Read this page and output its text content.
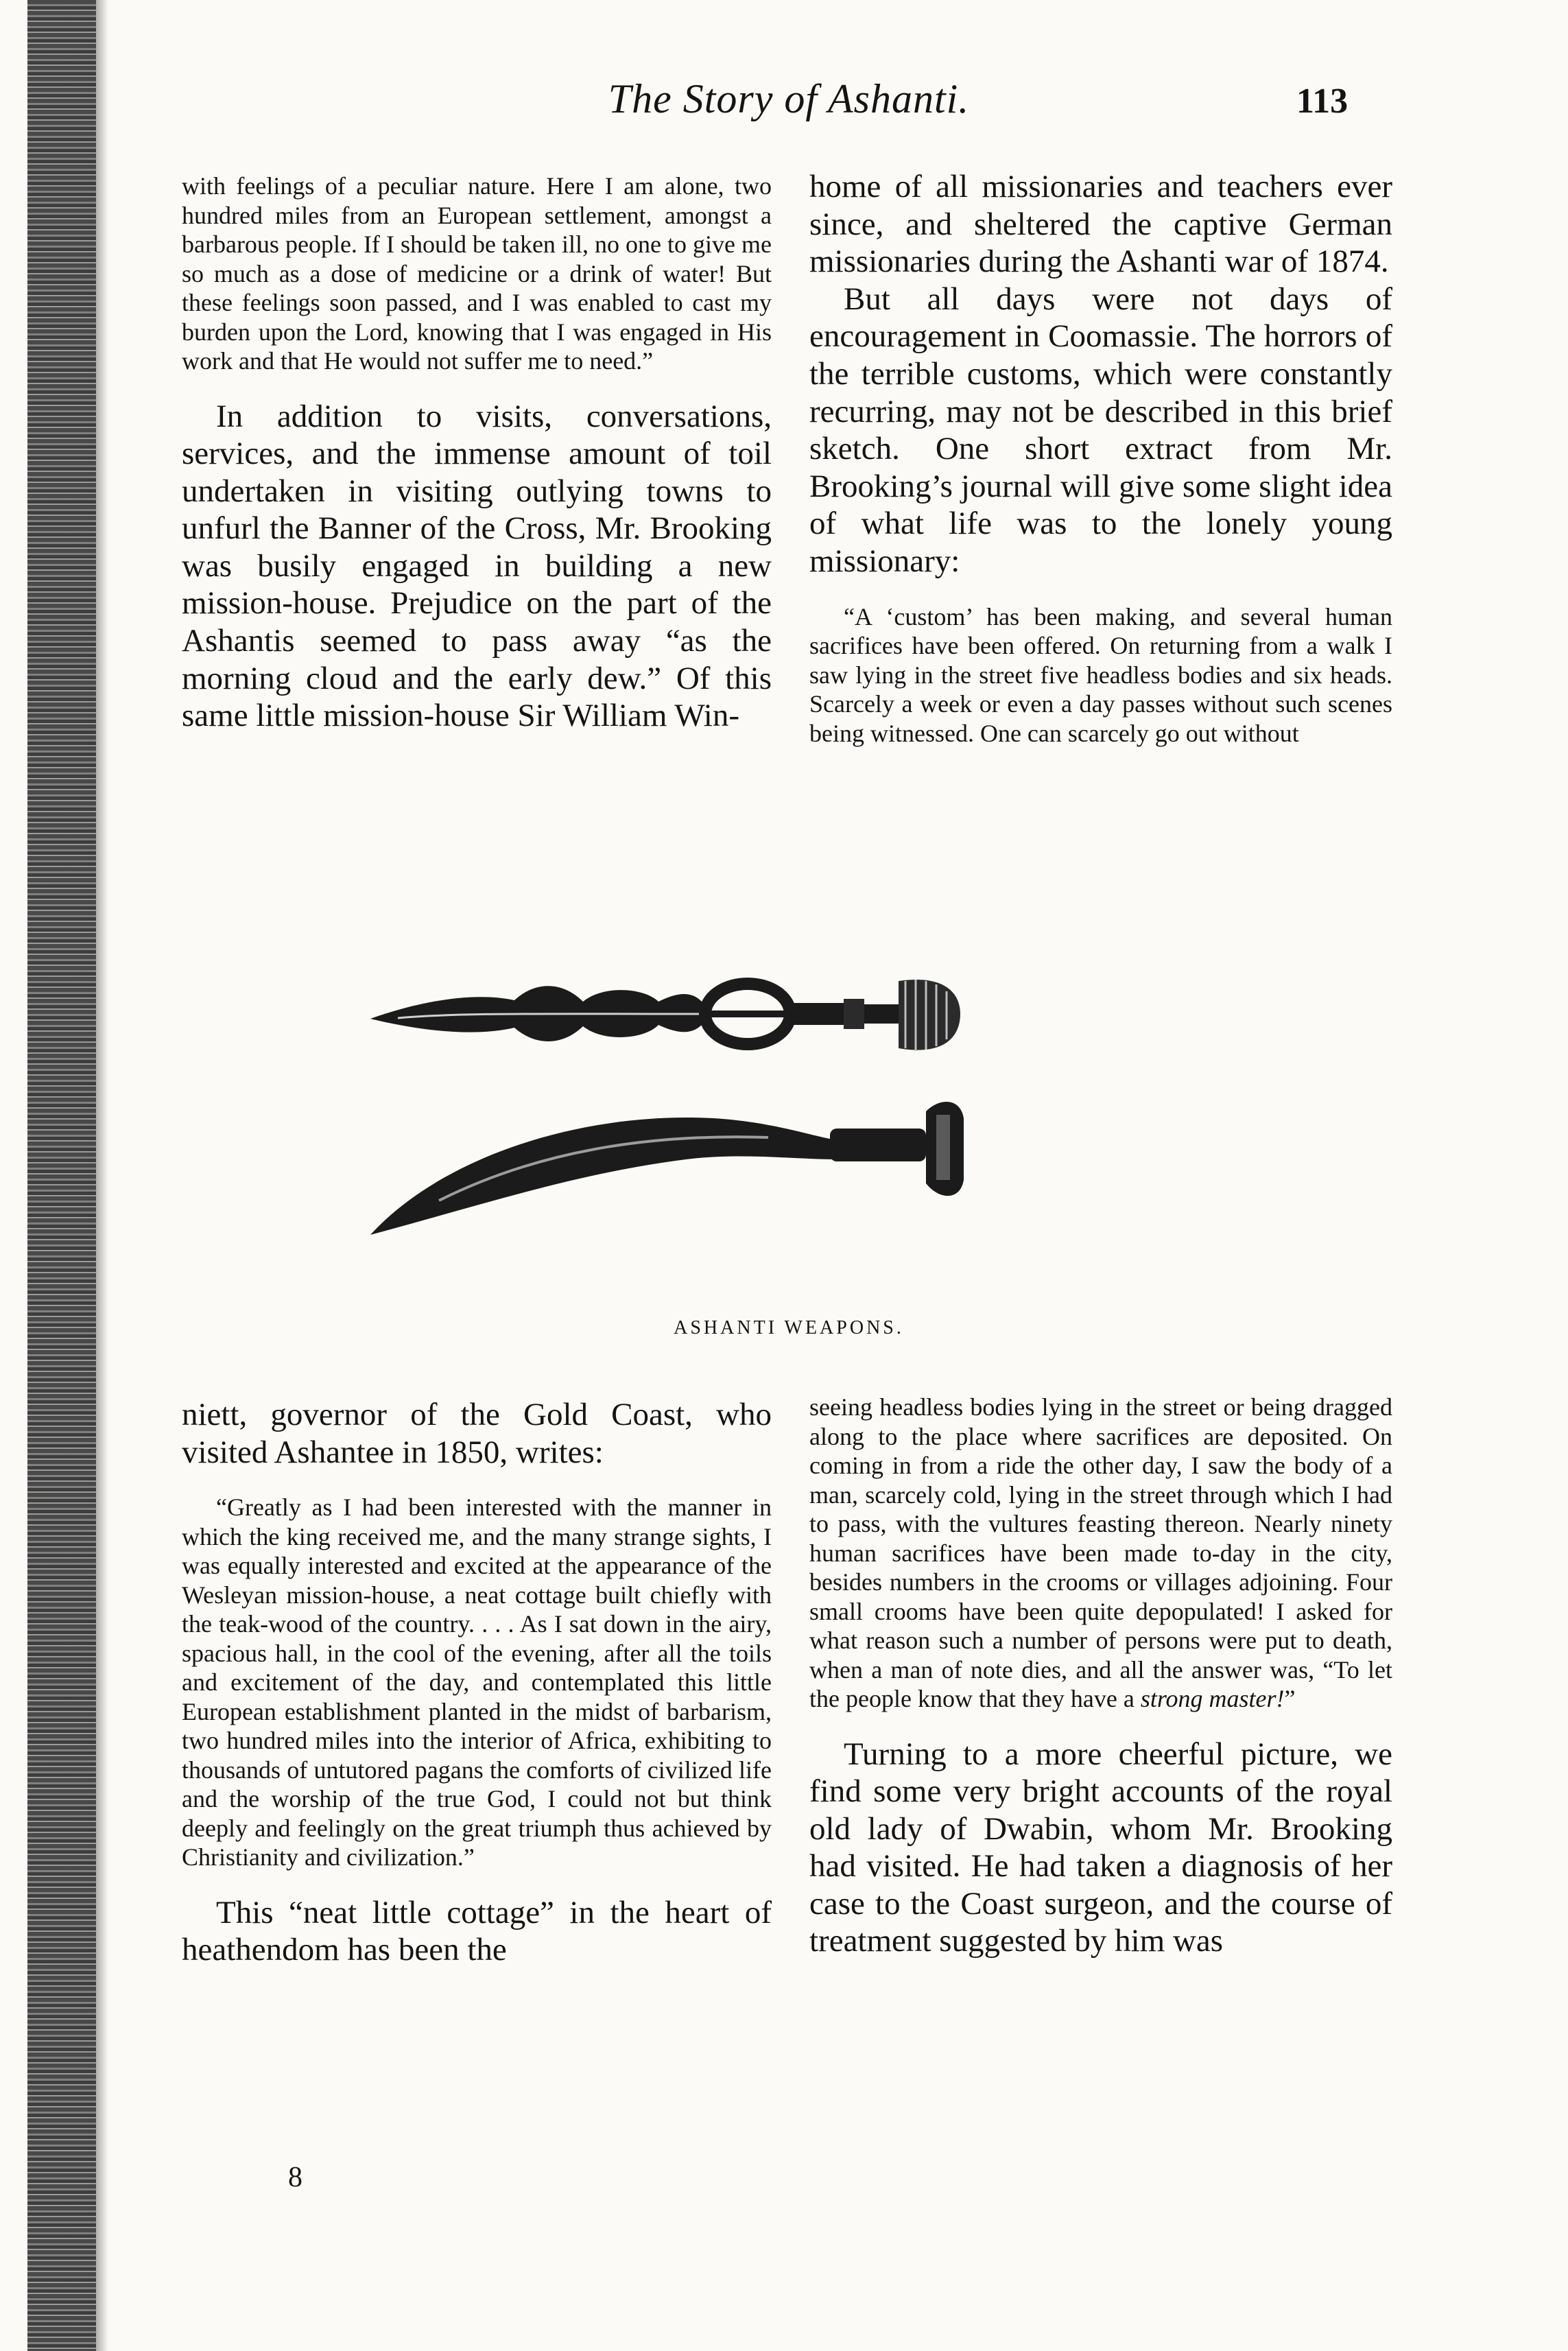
The Story of Ashanti.	113

with feelings of a peculiar nature. Here I am alone, two hundred miles from an European settlement, amongst a barbarous people. If I should be taken ill, no one to give me so much as a dose of medicine or a drink of water! But these feelings soon passed, and I was enabled to cast my burden upon the Lord, knowing that I was engaged in His work and that He would not suffer me to need.”

In addition to visits, conversations, services, and the immense amount of toil undertaken in visiting outlying towns to unfurl the Banner of the Cross, Mr. Brooking was busily engaged in building a new mission-house. Prejudice on the part of the Ashantis seemed to pass away “as the morning cloud and the early dew.” Of this same little mission-house Sir William Win-

home of all missionaries and teachers ever since, and sheltered the captive German missionaries during the Ashanti war of 1874.

But all days were not days of encouragement in Coomassie. The horrors of the terrible customs, which were constantly recurring, may not be described in this brief sketch. One short extract from Mr. Brooking’s journal will give some slight idea of what life was to the lonely young missionary:

“A ‘custom’ has been making, and several human sacrifices have been offered. On returning from a walk I saw lying in the street five headless bodies and six heads. Scarcely a week or even a day passes without such scenes being witnessed. One can scarcely go out without

ASHANTI WEAPONS.

niett, governor of the Gold Coast, who visited Ashantee in 1850, writes:

“Greatly as I had been interested with the manner in which the king received me, and the many strange sights, I was equally interested and excited at the appearance of the Wesleyan mission-house, a neat cottage built chiefly with the teak-wood of the country. . . . As I sat down in the airy, spacious hall, in the cool of the evening, after all the toils and excitement of the day, and contemplated this little European establishment planted in the midst of barbarism, two hundred miles into the interior of Africa, exhibiting to thousands of untutored pagans the comforts of civilized life and the worship of the true God, I could not but think deeply and feelingly on the great triumph thus achieved by Christianity and civilization.”

This “neat little cottage” in the heart of heathendom has been the

seeing headless bodies lying in the street or being dragged along to the place where sacrifices are deposited. On coming in from a ride the other day, I saw the body of a man, scarcely cold, lying in the street through which I had to pass, with the vultures feasting thereon. Nearly ninety human sacrifices have been made to-day in the city, besides numbers in the crooms or villages adjoining. Four small crooms have been quite depopulated! I asked for what reason such a number of persons were put to death, when a man of note dies, and all the answer was, “To let the people know that they have a strong master!”

Turning to a more cheerful picture, we find some very bright accounts of the royal old lady of Dwabin, whom Mr. Brooking had visited. He had taken a diagnosis of her case to the Coast surgeon, and the course of treatment suggested by him was

8
